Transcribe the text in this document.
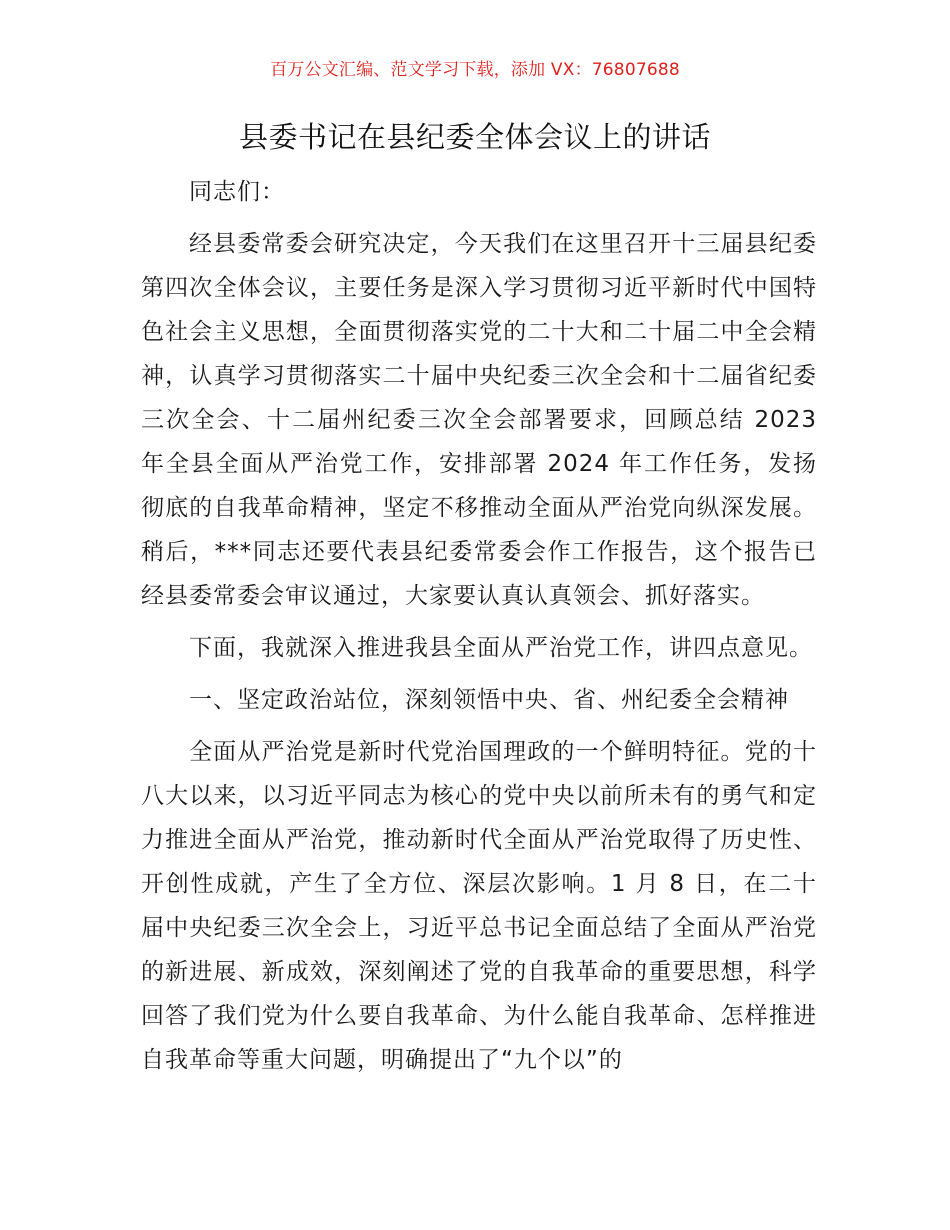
百万公文汇编、范文学习下载，添加 VX：76807688
县委书记在县纪委全体会议上的讲话

同志们：

经县委常委会研究决定，今天我们在这里召开十三届县纪委第四次全体会议，主要任务是深入学习贯彻习近平新时代中国特色社会主义思想，全面贯彻落实党的二十大和二十届二中全会精神，认真学习贯彻落实二十届中央纪委三次全会和十二届省纪委三次全会、十二届州纪委三次全会部署要求，回顾总结 2023 年全县全面从严治党工作，安排部署 2024 年工作任务，发扬彻底的自我革命精神，坚定不移推动全面从严治党向纵深发展。稍后，***同志还要代表县纪委常委会作工作报告，这个报告已经县委常委会审议通过，大家要认真认真领会、抓好落实。

下面，我就深入推进我县全面从严治党工作，讲四点意见。

一、坚定政治站位，深刻领悟中央、省、州纪委全会精神

全面从严治党是新时代党治国理政的一个鲜明特征。党的十八大以来，以习近平同志为核心的党中央以前所未有的勇气和定力推进全面从严治党，推动新时代全面从严治党取得了历史性、开创性成就，产生了全方位、深层次影响。1 月 8 日，在二十届中央纪委三次全会上，习近平总书记全面总结了全面从严治党的新进展、新成效，深刻阐述了党的自我革命的重要思想，科学回答了我们党为什么要自我革命、为什么能自我革命、怎样推进自我革命等重大问题，明确提出了“九个以”的
